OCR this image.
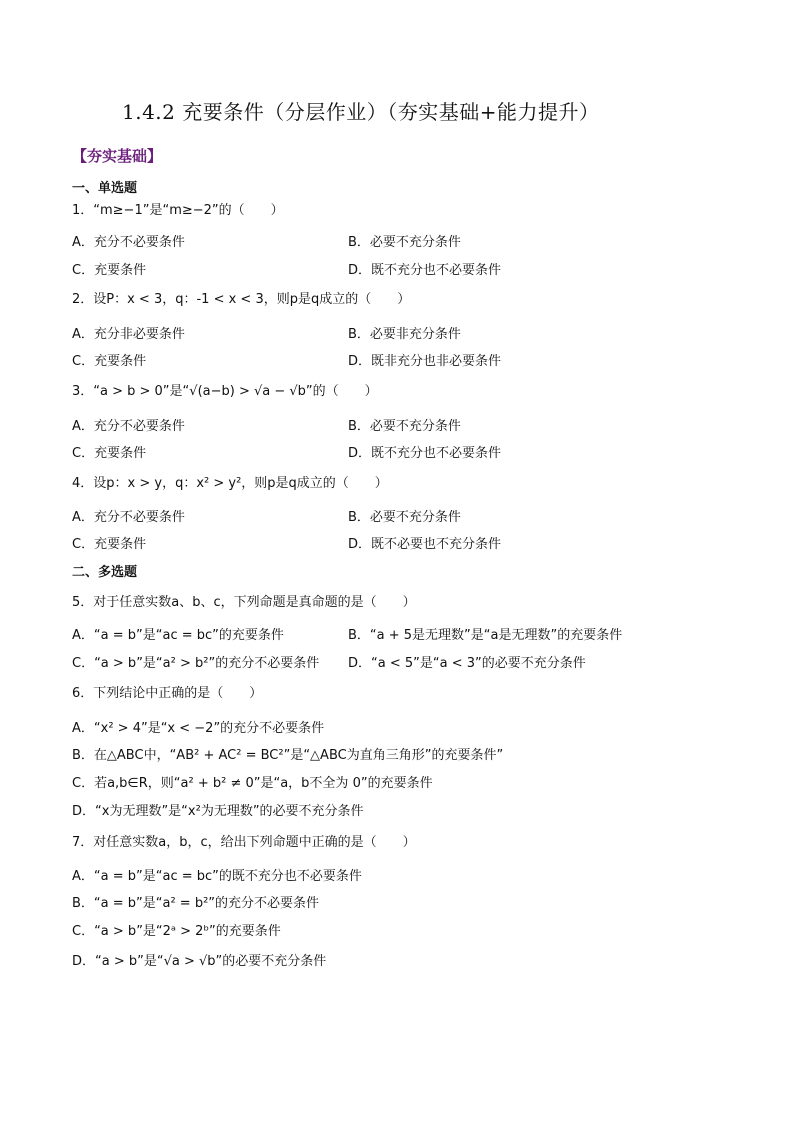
1.4.2 充要条件（分层作业）（夯实基础+能力提升）
【夯实基础】
一、单选题
1．“m≥−1”是“m≥−2”的（　　）
A．充分不必要条件	B．必要不充分条件
C．充要条件	D．既不充分也不必要条件
2．设P：x < 3，q：-1 < x < 3，则p是q成立的（　　）
A．充分非必要条件	B．必要非充分条件
C．充要条件	D．既非充分也非必要条件
3．“a > b > 0”是“√(a−b) > √a − √b”的（　　）
A．充分不必要条件	B．必要不充分条件
C．充要条件	D．既不充分也不必要条件
4．设p：x > y，q：x² > y²，则p是q成立的（　　）
A．充分不必要条件	B．必要不充分条件
C．充要条件	D．既不必要也不充分条件
二、多选题
5．对于任意实数a、b、c，下列命题是真命题的是（　　）
A．“a = b”是“ac = bc”的充要条件	B．“a + 5是无理数”是“a是无理数”的充要条件
C．“a > b”是“a² > b²”的充分不必要条件 D．“a < 5”是“a < 3”的必要不充分条件
6．下列结论中正确的是（　　）
A．“x² > 4”是“x < −2”的充分不必要条件
B．在△ABC中，“AB² + AC² = BC²”是“△ABC为直角三角形”的充要条件”
C．若a,b∈R，则“a² + b² ≠ 0”是“a，b不全为 0”的充要条件
D．“x为无理数”是“x²为无理数”的必要不充分条件
7．对任意实数a，b，c，给出下列命题中正确的是（　　）
A．“a = b”是“ac = bc”的既不充分也不必要条件
B．“a = b”是“a² = b²”的充分不必要条件
C．“a > b”是“2ᵃ > 2ᵇ”的充要条件
D．“a > b”是“√a > √b”的必要不充分条件
